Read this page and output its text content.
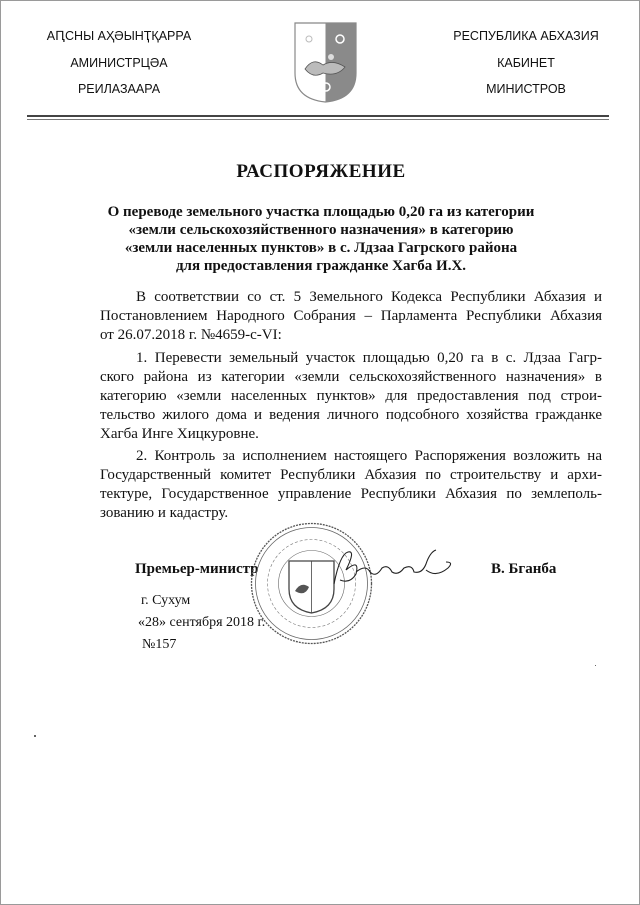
АԤСНЫ АҲӘЫНҬҚАРРА
АМИНИСТРЦӘА
РЕИЛАЗААРА
РЕСПУБЛИКА АБХАЗИЯ
КАБИНЕТ
МИНИСТРОВ
РАСПОРЯЖЕНИЕ
О переводе земельного участка площадью 0,20 га из категории
«земли сельскохозяйственного назначения» в категорию
«земли населенных пунктов» в с. Лдзаа Гагрского района
для предоставления гражданке Хагба И.Х.
В соответствии со ст. 5 Земельного Кодекса Республики Абхазия и
Постановлением Народного Собрания – Парламента Республики Абхазия
от 26.07.2018 г. №4659-с-VI:
1. Перевести земельный участок площадью 0,20 га в с. Лдзаа Гагр-
ского района из категории «земли сельскохозяйственного назначения» в
категорию «земли населенных пунктов» для предоставления под строи-
тельство жилого дома и ведения личного подсобного хозяйства гражданке
Хагба Инге Хицкуровне.
2. Контроль за исполнением настоящего Распоряжения возложить на
Государственный комитет Республики Абхазия по строительству и архи-
тектуре, Государственное управление Республики Абхазия по землеполь-
зованию и кадастру.
Премьер-министр	В. Бганба
г. Сухум
«28» сентября 2018 г.
№157
